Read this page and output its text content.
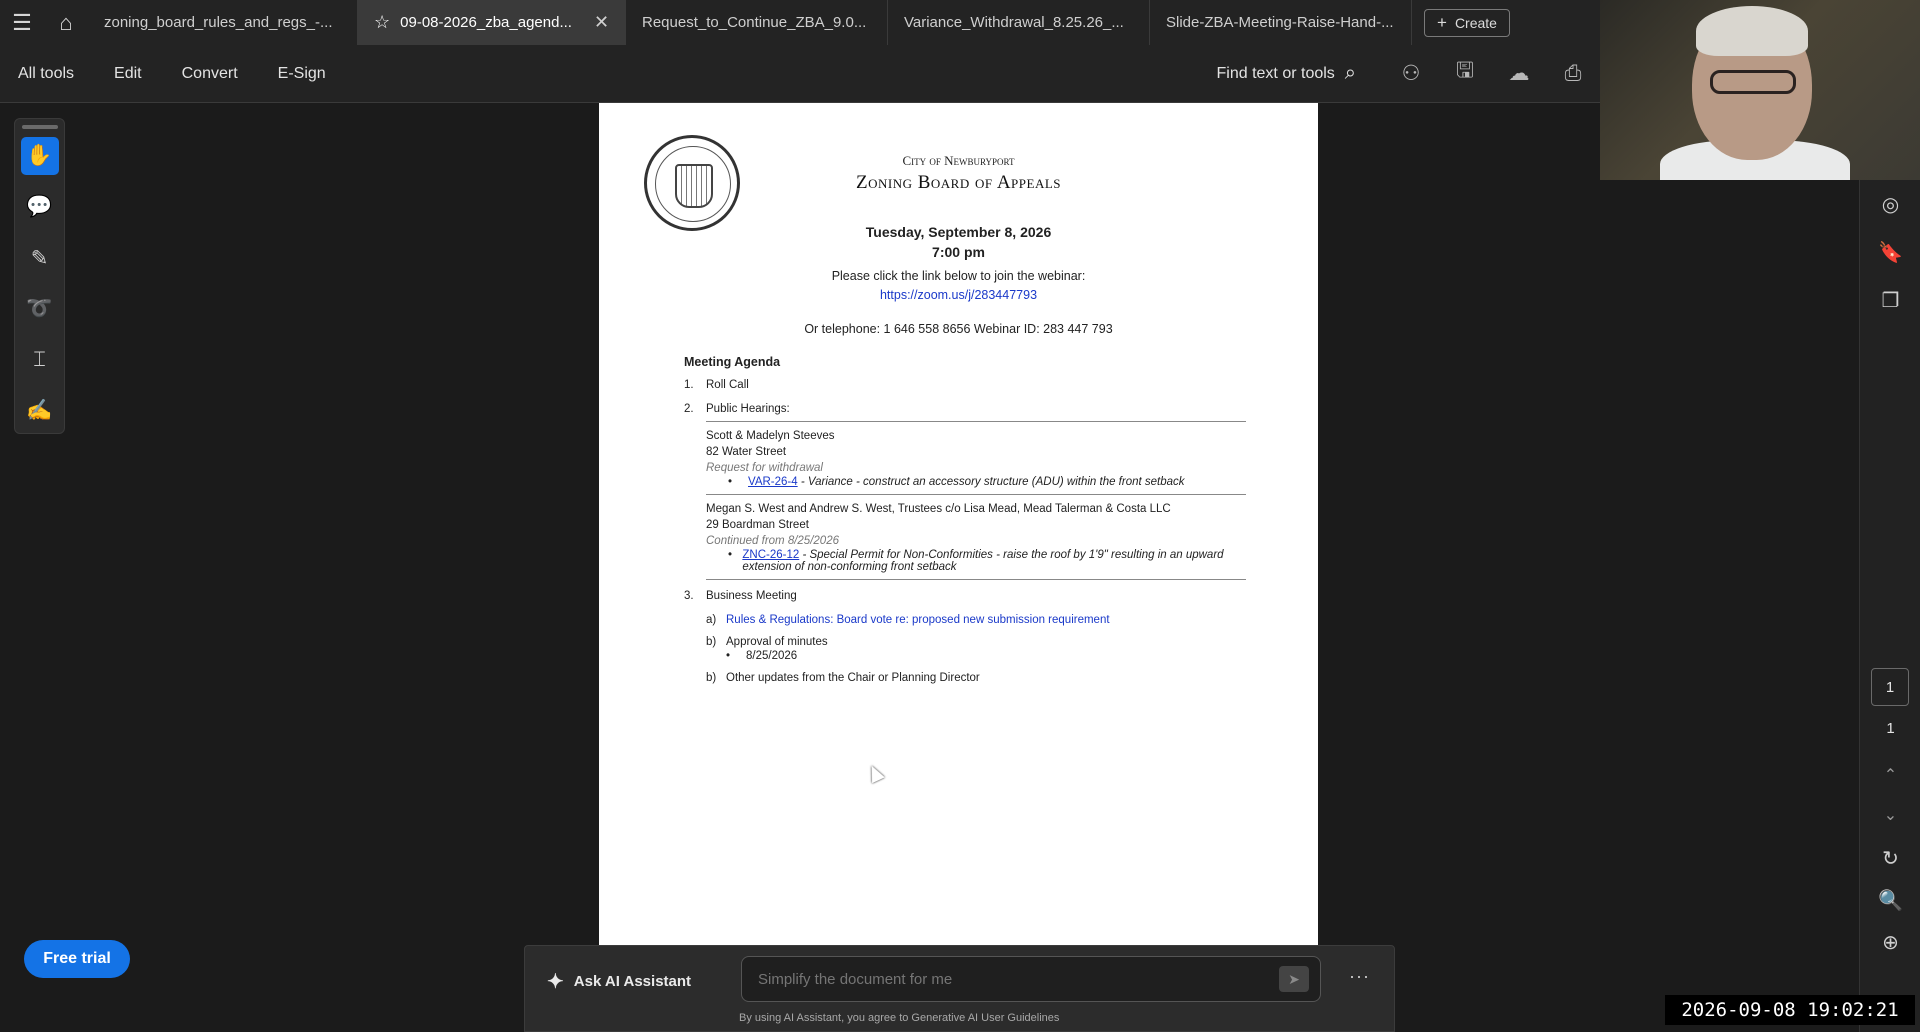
☰	⌂	zoning_board_rules_and_regs_-... ☆ 09-08-2026_zba_agend... ✕ Request_to_Continue_ZBA_9.0...	Variance_Withdrawal_8.25.26_...	Slide-ZBA-Meeting-Raise-Hand-...	+ Create
All tools	Edit	Convert	E-Sign	Find text or tools ⌕	⚇	🖫	☁	⎙
✋
💬
✎
➰
⌶
✍
◎
🔖
❐
1
1
⌃
⌄
↻
🔍
⊕
City of Newburyport
Zoning Board of Appeals
Tuesday, September 8, 2026
7:00 pm
Please click the link below to join the webinar:
https://zoom.us/j/283447793
Or telephone: 1 646 558 8656 Webinar ID: 283 447 793
Meeting Agenda
1.	Roll Call
2.	Public Hearings:
Scott & Madelyn Steeves
82 Water Street
Request for withdrawal
•	VAR-26-4 - Variance - construct an accessory structure (ADU) within the front setback
Megan S. West and Andrew S. West, Trustees c/o Lisa Mead, Mead Talerman & Costa LLC
29 Boardman Street
Continued from 8/25/2026
• ZNC-26-12 - Special Permit for Non-Conformities - raise the roof by 1'9" resulting in an upward extension of non-conforming front setback
3.	Business Meeting
a) Rules & Regulations: Board vote re: proposed new submission requirement
b) Approval of minutes
•	8/25/2026
b) Other updates from the Chair or Planning Director
Free trial
✦ Ask AI Assistant
Simplify the document for me	➤	···
By using AI Assistant, you agree to Generative AI User Guidelines	2026-09-08 19:02:21
